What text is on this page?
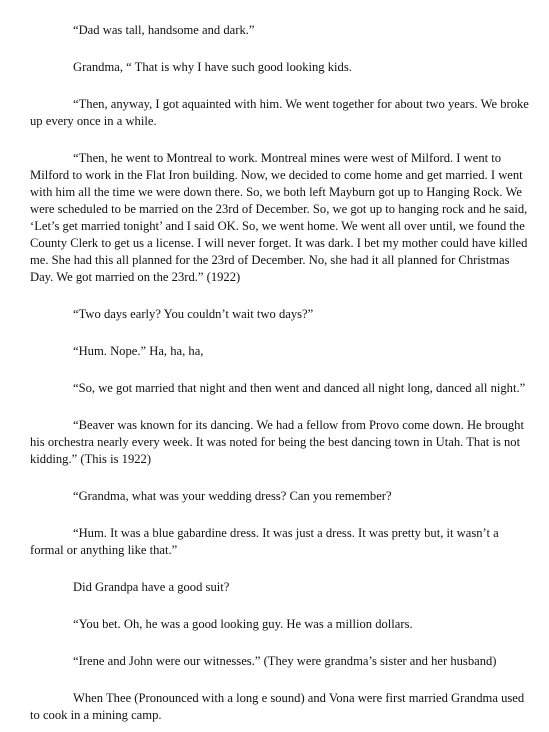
“Dad was tall, handsome and dark.”

Grandma, “ That is why I have such good looking kids.

“Then, anyway, I got aquainted with him. We went together for about two years. We broke up every once in a while.

“Then, he went to Montreal to work. Montreal mines were west of Milford. I went to Milford to work in the Flat Iron building. Now, we decided to come home and get married. I went with him all the time we were down there. So, we both left Mayburn got up to Hanging Rock. We were scheduled to be married on the 23rd of December. So, we got up to hanging rock and he said, ‘Let’s get married tonight’ and I said OK. So, we went home. We went all over until, we found the County Clerk to get us a license. I will never forget. It was dark. I bet my mother could have killed me. She had this all planned for the 23rd of December. No, she had it all planned for Christmas Day. We got married on the 23rd.” (1922)

“Two days early? You couldn’t wait two days?”

“Hum. Nope.” Ha, ha, ha,

“So, we got married that night and then went and danced all night long, danced all night.”

“Beaver was known for its dancing. We had a fellow from Provo come down. He brought his orchestra nearly every week. It was noted for being the best dancing town in Utah. That is not kidding.” (This is 1922)

“Grandma, what was your wedding dress? Can you remember?

“Hum. It was a blue gabardine dress. It was just a dress. It was pretty but, it wasn’t a formal or anything like that.”

Did Grandpa have a good suit?

“You bet. Oh, he was a good looking guy. He was a million dollars.

“Irene and John were our witnesses.” (They were grandma’s sister and her husband)

When Thee (Pronounced with a long e sound) and Vona were first married Grandma used to cook in a mining camp.
